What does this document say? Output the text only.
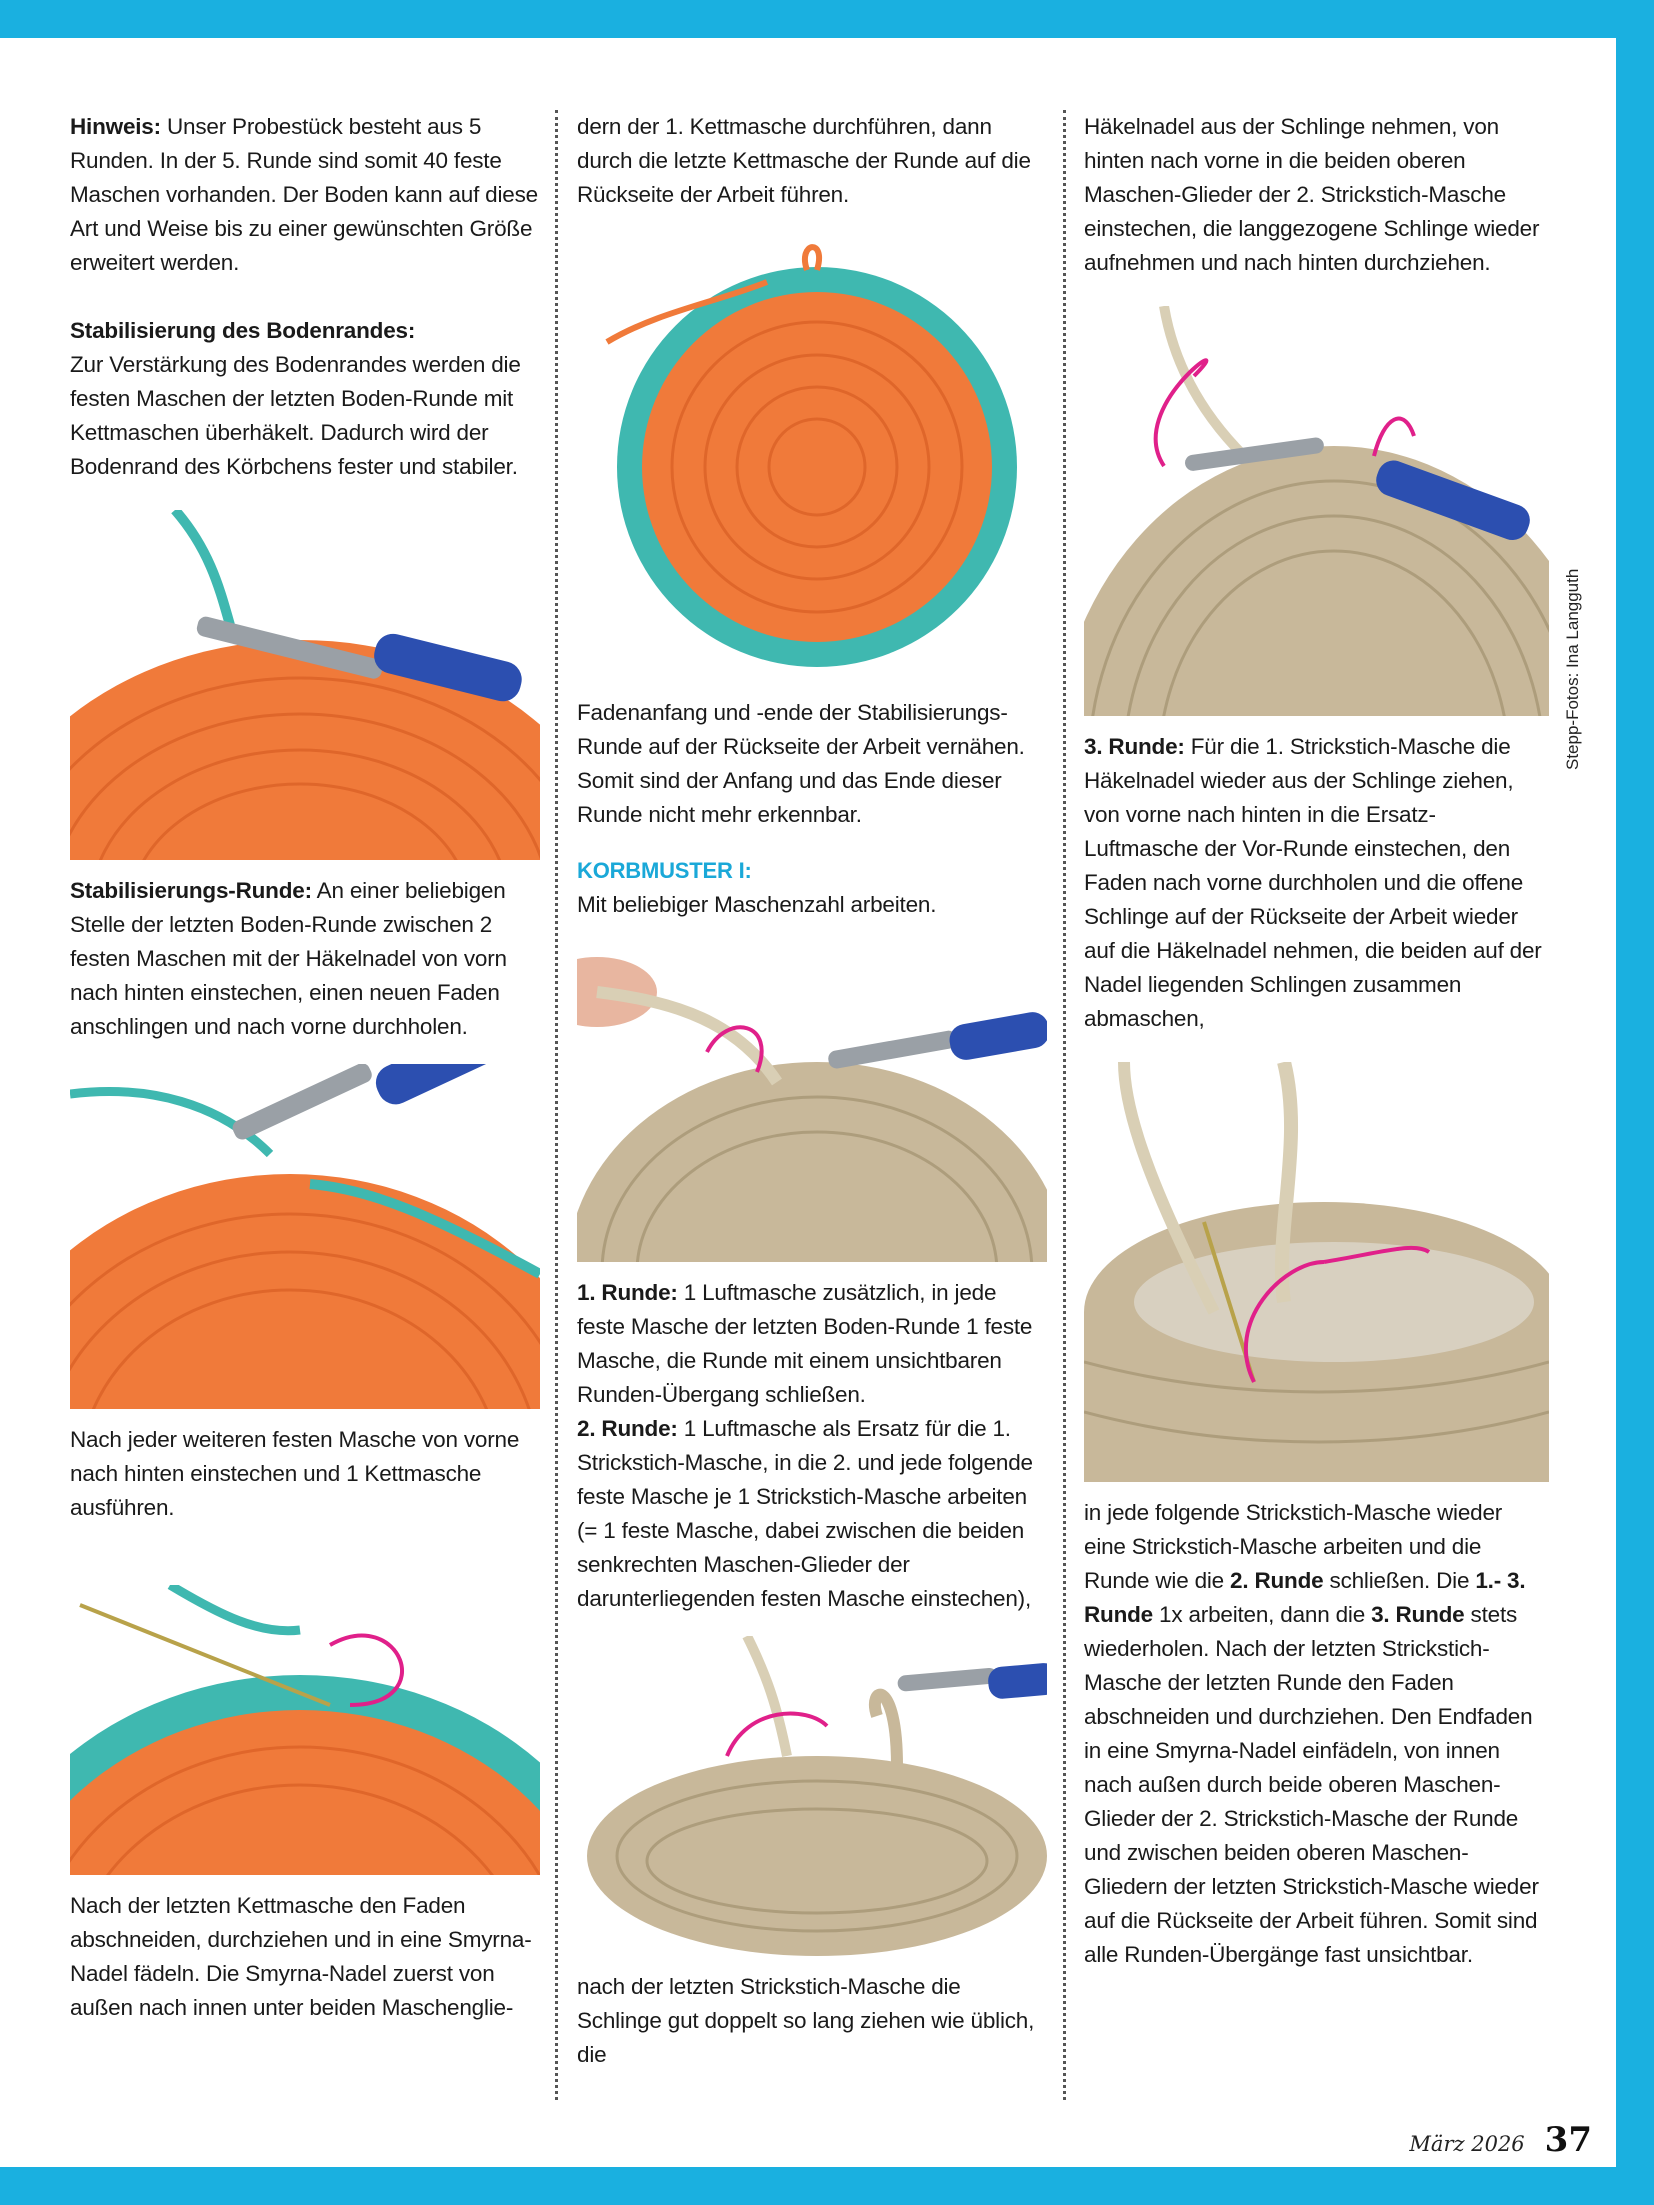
Hinweis: Unser Probestück besteht aus 5 Runden. In der 5. Runde sind somit 40 feste Maschen vorhanden. Der Boden kann auf diese Art und Weise bis zu einer gewünschten Größe erweitert werden.

Stabilisierung des Bodenrandes:

Zur Verstärkung des Bodenrandes werden die festen Maschen der letzten Boden-Runde mit Kettmaschen überhäkelt. Dadurch wird der Bodenrand des Körbchens fester und stabiler.

Stabilisierungs-Runde: An einer beliebigen Stelle der letzten Boden-Runde zwischen 2 festen Maschen mit der Häkelnadel von vorn nach hinten einstechen, einen neuen Faden anschlingen und nach vorne durchholen.

Nach jeder weiteren festen Masche von vorne nach hinten einstechen und 1 Kettmasche ausführen.

Nach der letzten Kettmasche den Faden abschneiden, durchziehen und in eine Smyrna-Nadel fädeln. Die Smyrna-Nadel zuerst von außen nach innen unter beiden Maschenglie-

dern der 1. Kettmasche durchführen, dann durch die letzte Kettmasche der Runde auf die Rückseite der Arbeit führen.

Fadenanfang und -ende der Stabilisierungs-Runde auf der Rückseite der Arbeit vernähen. Somit sind der Anfang und das Ende dieser Runde nicht mehr erkennbar.

KORBMUSTER I:

Mit beliebiger Maschenzahl arbeiten.

1. Runde: 1 Luftmasche zusätzlich, in jede feste Masche der letzten Boden-Runde 1 feste Masche, die Runde mit einem unsichtbaren Runden-Übergang schließen.

2. Runde: 1 Luftmasche als Ersatz für die 1. Strickstich-Masche, in die 2. und jede folgende feste Masche je 1 Strickstich-Masche arbeiten (= 1 feste Masche, dabei zwischen die beiden senkrechten Maschen-Glieder der darunterliegenden festen Masche einstechen),

nach der letzten Strickstich-Masche die Schlinge gut doppelt so lang ziehen wie üblich, die

Häkelnadel aus der Schlinge nehmen, von hinten nach vorne in die beiden oberen Maschen-Glieder der 2. Strickstich-Masche einstechen, die langgezogene Schlinge wieder aufnehmen und nach hinten durchziehen.

3. Runde: Für die 1. Strickstich-Masche die Häkelnadel wieder aus der Schlinge ziehen, von vorne nach hinten in die Ersatz-Luftmasche der Vor-Runde einstechen, den Faden nach vorne durchholen und die offene Schlinge auf der Rückseite der Arbeit wieder auf die Häkelnadel nehmen, die beiden auf der Nadel liegenden Schlingen zusammen abmaschen,

in jede folgende Strickstich-Masche wieder eine Strickstich-Masche arbeiten und die Runde wie die 2. Runde schließen. Die 1.- 3. Runde 1x arbeiten, dann die 3. Runde stets wiederholen. Nach der letzten Strickstich-Masche der letzten Runde den Faden abschneiden und durchziehen. Den Endfaden in eine Smyrna-Nadel einfädeln, von innen nach außen durch beide oberen Maschen-Glieder der 2. Strickstich-Masche der Runde und zwischen beiden oberen Maschen-Gliedern der letzten Strickstich-Masche wieder auf die Rückseite der Arbeit führen. Somit sind alle Runden-Übergänge fast unsichtbar.

Stepp-Fotos: Ina Langguth
März 2026 37
